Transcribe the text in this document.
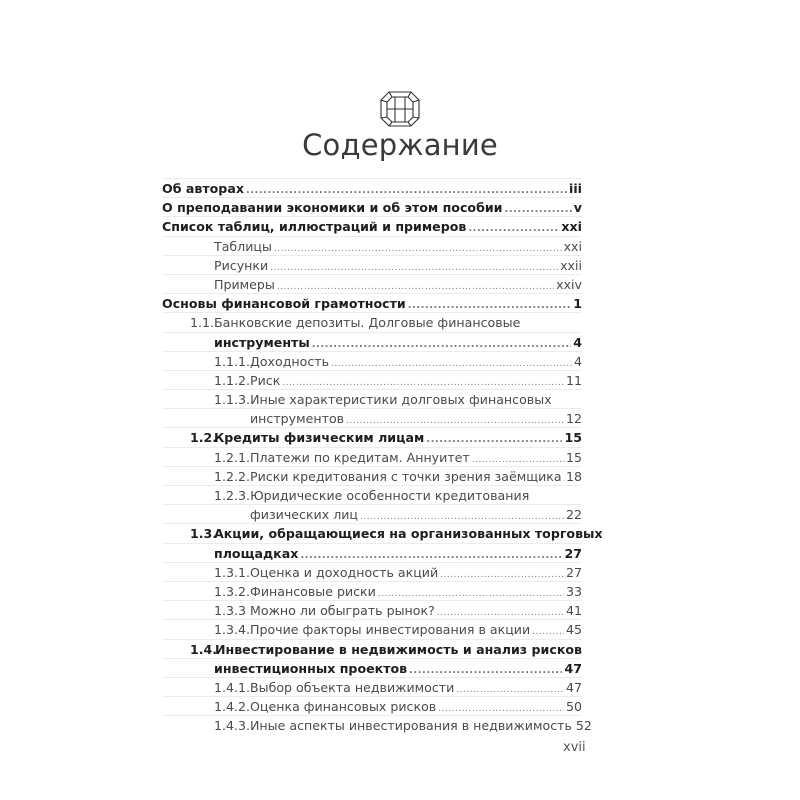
Содержание
Об авторах .....	iii
О преподавании экономики и об этом пособии .....	v
Список таблиц, иллюстраций и примеров .....	xxi
Таблицы .....	xxi
Рисунки .....	xxii
Примеры .....	xxiv
Основы финансовой грамотности .....	1
1.1. Банковские депозиты. Долговые финансовые
инструменты .....	4
1.1.1. Доходность .....	4
1.1.2. Риск .....	11
1.1.3. Иные характеристики долговых финансовых
инструментов .....	12
1.2.
Кредиты физическим лицам .....	15
1.2.1. Платежи по кредитам. Аннуитет .....	15
1.2.2. Риски кредитования с точки зрения заёмщика ..... 18
1.2.3. Юридические особенности кредитования
физических лиц .....	22
1.3.
Акции, обращающиеся на организованных торговых
площадках .....	27
1.3.1. Оценка и доходность акций .....	27
1.3.2. Финансовые риски .....	33
1.3.3 Можно ли обыграть рынок? .....	41
1.3.4. Прочие факторы инвестирования в акции .....	45
1.4.
Инвестирование в недвижимость и анализ рисков
инвестиционных проектов .....	47
1.4.1. Выбор объекта недвижимости .....	47
1.4.2. Оценка финансовых рисков .....	50
1.4.3. Иные аспекты инвестирования в недвижимость 52
xvii
